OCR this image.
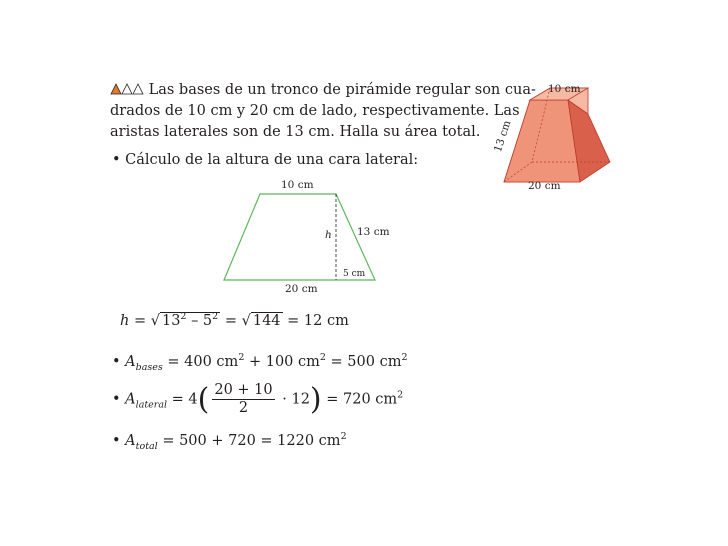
Las bases de un tronco de pirámide regular son cua-
drados de 10 cm y 20 cm de lado, respectivamente. Las
aristas laterales son de 13 cm. Halla su área total.
• Cálculo de la altura de una cara lateral:
10 cm
13 cm
h
5 cm
20 cm
10 cm
13 cm
20 cm
h = √ $13^2 - 5^2$ = √ 144 = 12 cm
• $A_{bases} = 400$ $cm^2 + 100$ $cm^2 = 500$ $cm^2$
• $A_{lateral} = 4( \frac{20 + 10}{2} \cdot 12) = 720$ $cm^2$
• $A_{total} = 500 + 720 = 1220$ $cm^2$
